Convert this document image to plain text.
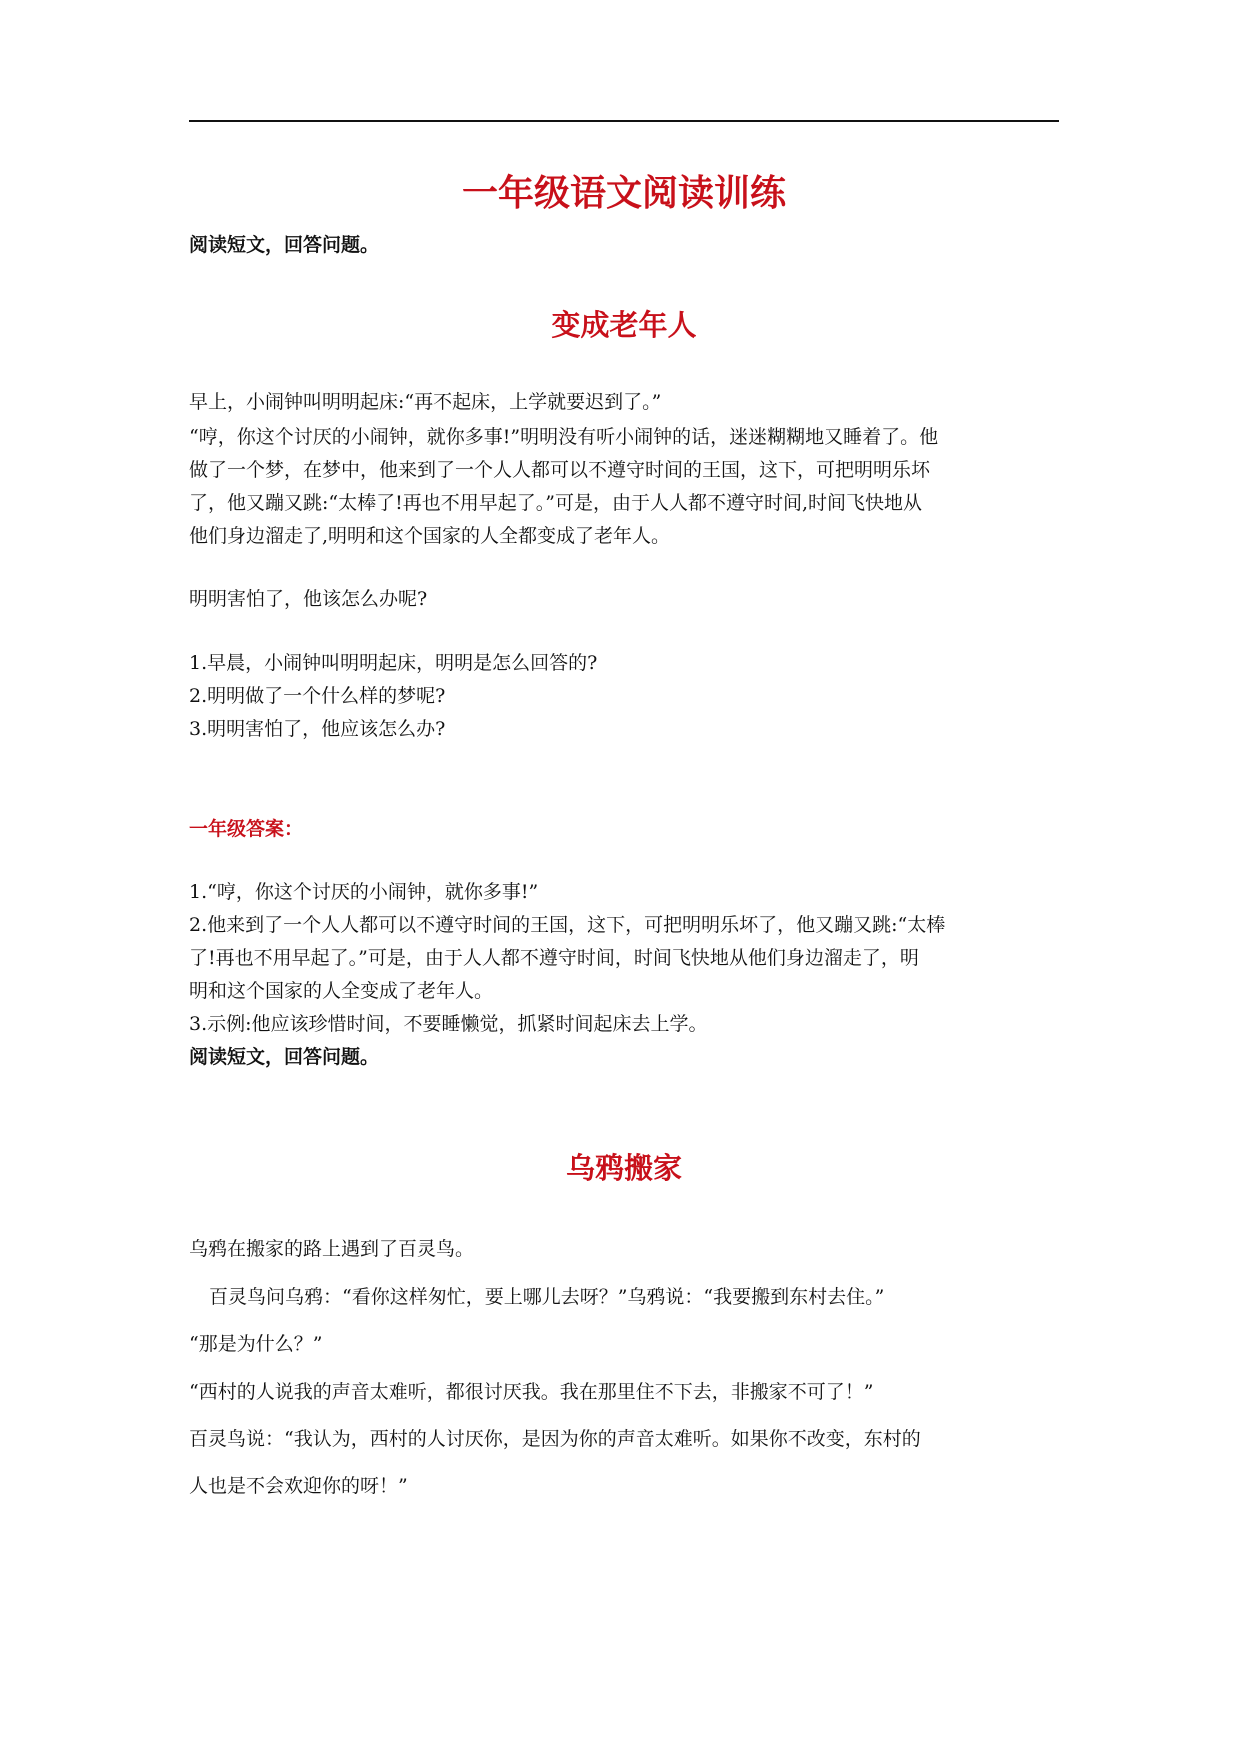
一年级语文阅读训练
阅读短文，回答问题。
变成老年人
早上，小闹钟叫明明起床:“再不起床，上学就要迟到了。”
“哼，你这个讨厌的小闹钟，就你多事!”明明没有听小闹钟的话，迷迷糊糊地又睡着了。他
做了一个梦，在梦中，他来到了一个人人都可以不遵守时间的王国，这下，可把明明乐坏
了，他又蹦又跳:“太棒了!再也不用早起了。”可是，由于人人都不遵守时间,时间飞快地从
他们身边溜走了,明明和这个国家的人全都变成了老年人。
明明害怕了，他该怎么办呢?
1.早晨，小闹钟叫明明起床，明明是怎么回答的?
2.明明做了一个什么样的梦呢?
3.明明害怕了，他应该怎么办?
一年级答案：
1.“哼，你这个讨厌的小闹钟，就你多事!”
2.他来到了一个人人都可以不遵守时间的王国，这下，可把明明乐坏了，他又蹦又跳:“太棒
了!再也不用早起了。”可是，由于人人都不遵守时间，时间飞快地从他们身边溜走了，明
明和这个国家的人全变成了老年人。
3.示例:他应该珍惜时间，不要睡懒觉，抓紧时间起床去上学。
阅读短文，回答问题。
乌鸦搬家
乌鸦在搬家的路上遇到了百灵鸟。
百灵鸟问乌鸦：“看你这样匆忙，要上哪儿去呀？”乌鸦说：“我要搬到东村去住。”
“那是为什么？”
“西村的人说我的声音太难听，都很讨厌我。我在那里住不下去，非搬家不可了！”
百灵鸟说：“我认为，西村的人讨厌你，是因为你的声音太难听。如果你不改变，东村的
人也是不会欢迎你的呀！”
